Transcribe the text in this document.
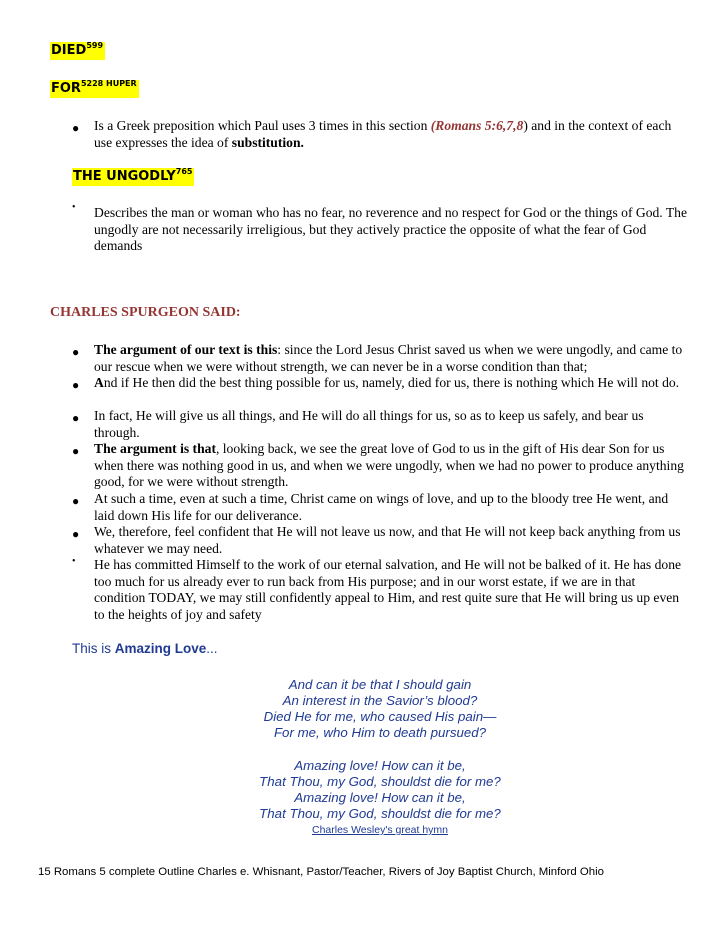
DIED$^{599}$
$FOR^{5228 HUPER}$
● Is a Greek preposition which Paul uses 3 times in this section (Romans 5:6,7,8) and in the context of each use expresses the idea of substitution.
THE UNGODLY$^{765}$
• Describes the man or woman who has no fear, no reverence and no respect for God or the things of God. The ungodly are not necessarily irreligious, but they actively practice the opposite of what the fear of God demands
CHARLES SPURGEON SAID:
● The argument of our text is this: since the Lord Jesus Christ saved us when we were ungodly, and came to our rescue when we were without strength, we can never be in a worse condition than that;
● And if He then did the best thing possible for us, namely, died for us, there is nothing which He will not do.
● In fact, He will give us all things, and He will do all things for us, so as to keep us safely, and bear us through.
● The argument is that, looking back, we see the great love of God to us in the gift of His dear Son for us when there was nothing good in us, and when we were ungodly, when we had no power to produce anything good, for we were without strength.
● At such a time, even at such a time, Christ came on wings of love, and up to the bloody tree He went, and laid down His life for our deliverance.
● We, therefore, feel confident that He will not leave us now, and that He will not keep back anything from us whatever we may need.
• He has committed Himself to the work of our eternal salvation, and He will not be balked of it. He has done too much for us already ever to run back from His purpose; and in our worst estate, if we are in that condition TODAY, we may still confidently appeal to Him, and rest quite sure that He will bring us up even to the heights of joy and safety
This is Amazing Love...
And can it be that I should gain
An interest in the Savior’s blood?
Died He for me, who caused His pain—
For me, who Him to death pursued?
Amazing love! How can it be,
That Thou, my God, shouldst die for me?
Amazing love! How can it be,
That Thou, my God, shouldst die for me?
Charles Wesley's great hymn
15 Romans 5 complete Outline Charles e. Whisnant, Pastor/Teacher, Rivers of Joy Baptist Church, Minford Ohio
